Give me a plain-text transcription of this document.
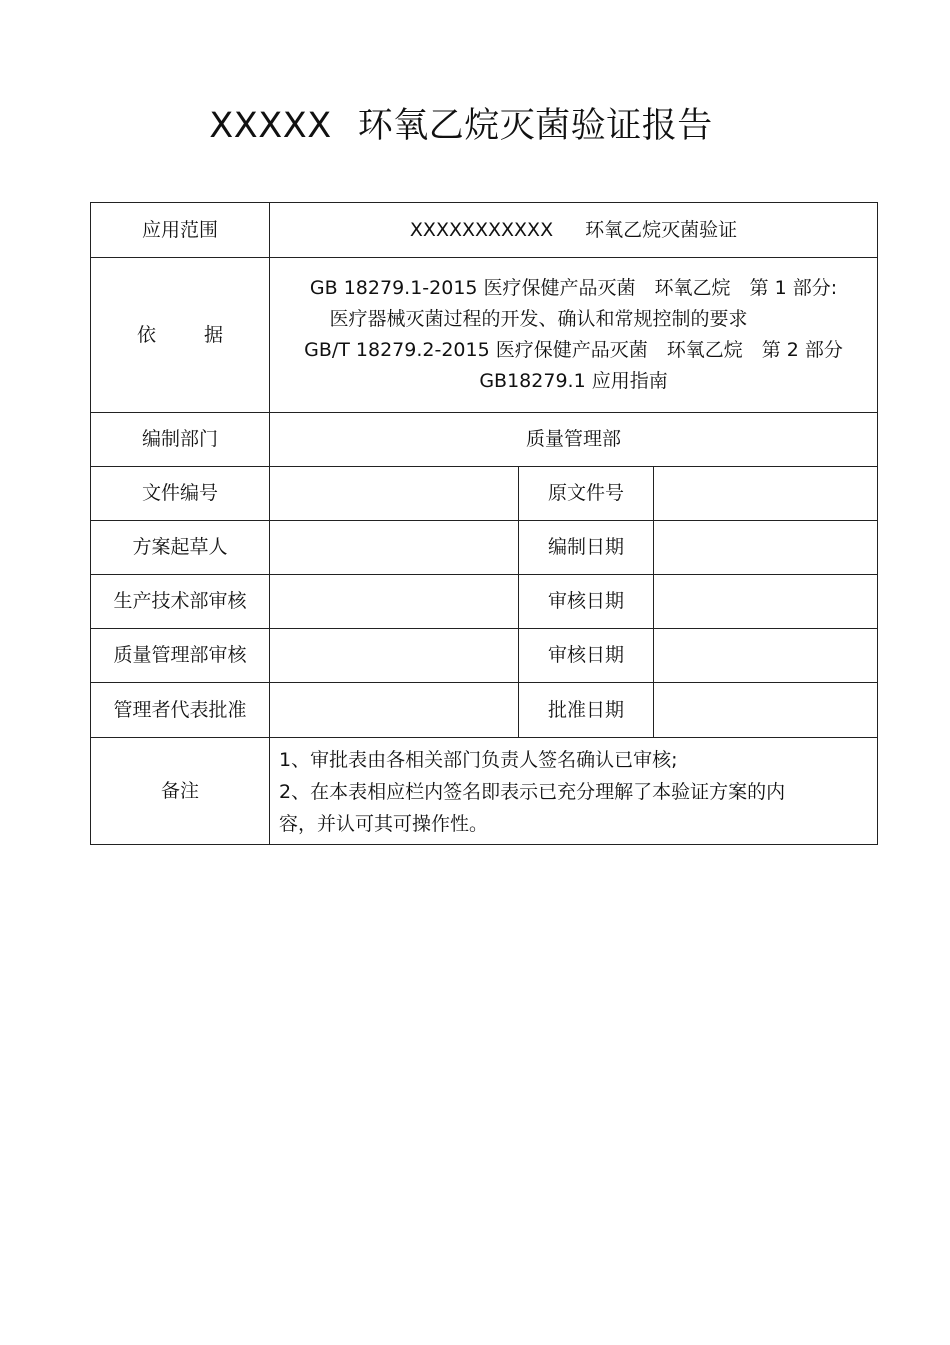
XXXXX 环氧乙烷灭菌验证报告
应用范围	XXXXXXXXXXX 环氧乙烷灭菌验证		
依 据	GB 18279.1-2015 医疗保健产品灭菌　环氧乙烷　第 1 部分:
医疗器械灭菌过程的开发、确认和常规控制的要求
GB/T 18279.2-2015 医疗保健产品灭菌　环氧乙烷　第 2 部分
GB18279.1 应用指南		

编制部门	质量管理部		
文件编号		原文件号	
方案起草人		编制日期	
生产技术部审核		审核日期	
质量管理部审核		审核日期	
管理者代表批准		批准日期	
备注	1、审批表由各相关部门负责人签名确认已审核;
2、在本表相应栏内签名即表示已充分理解了本验证方案的内
容，并认可其可操作性。		
